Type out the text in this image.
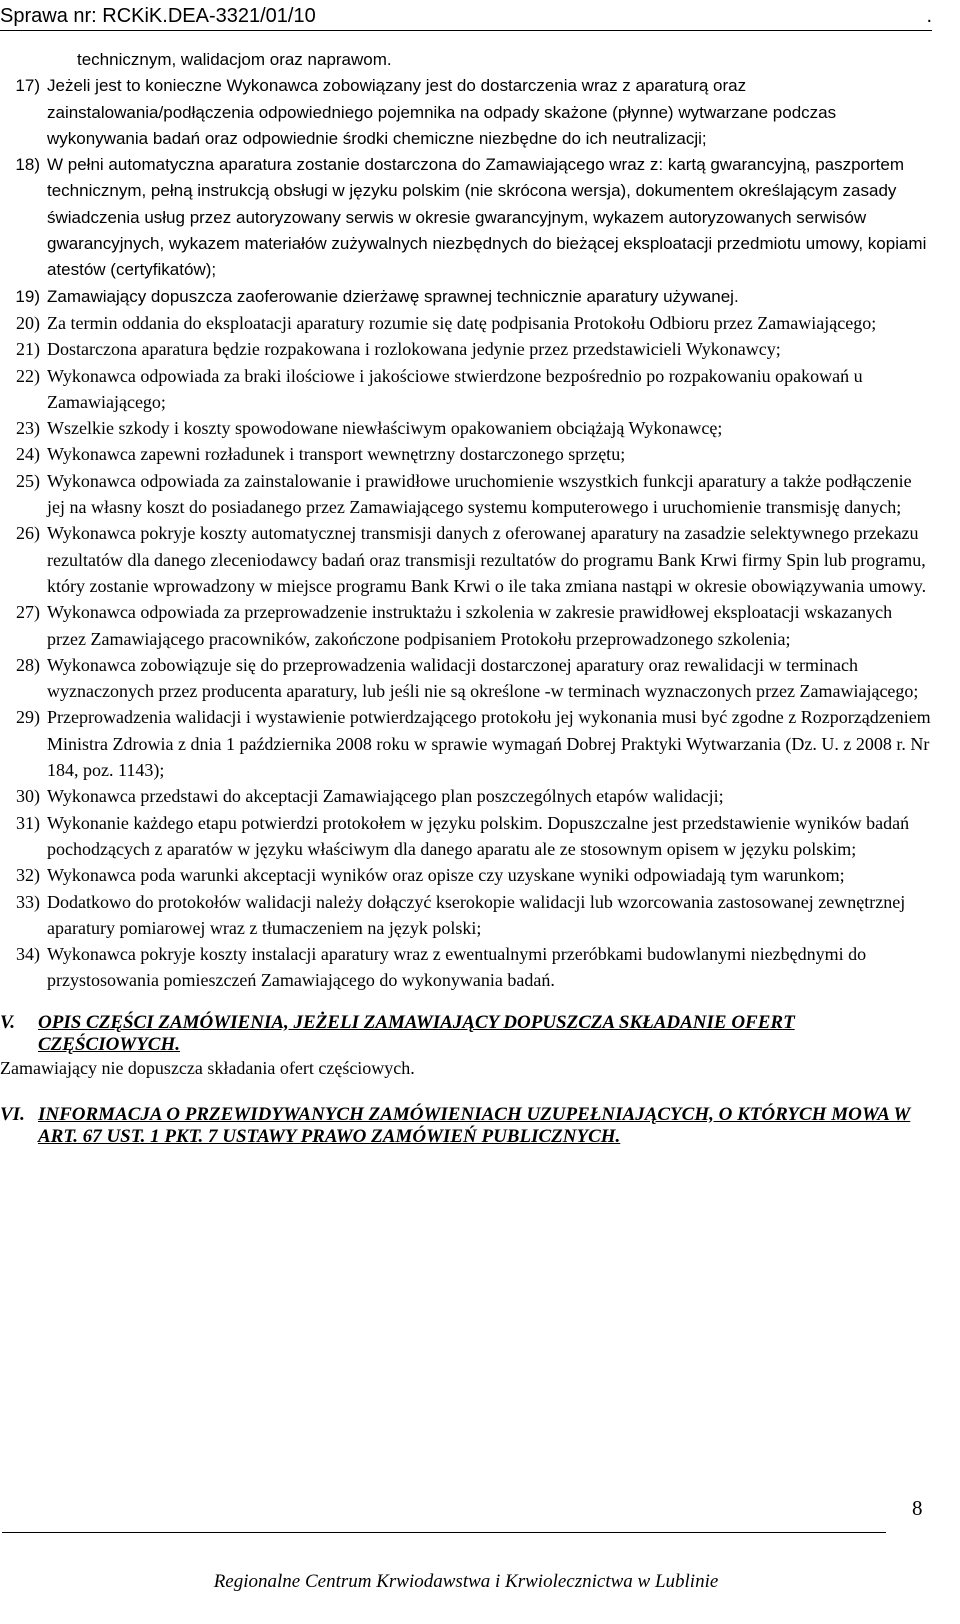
Sprawa nr: RCKiK.DEA-3321/01/10	.

technicznym, walidacjom oraz naprawom.

17) Jeżeli jest to konieczne Wykonawca zobowiązany jest do dostarczenia wraz z aparaturą oraz zainstalowania/podłączenia odpowiedniego pojemnika na odpady skażone (płynne) wytwarzane podczas wykonywania badań oraz odpowiednie środki chemiczne niezbędne do ich neutralizacji;
18) W pełni automatyczna aparatura zostanie dostarczona do Zamawiającego wraz z: kartą gwarancyjną, paszportem technicznym, pełną instrukcją obsługi w języku polskim (nie skrócona wersja), dokumentem określającym zasady świadczenia usług przez autoryzowany serwis w okresie gwarancyjnym, wykazem autoryzowanych serwisów gwarancyjnych, wykazem materiałów zużywalnych niezbędnych do bieżącej eksploatacji przedmiotu umowy, kopiami atestów (certyfikatów);
19) Zamawiający dopuszcza zaoferowanie dzierżawę sprawnej technicznie aparatury używanej.
20) Za termin oddania do eksploatacji aparatury rozumie się datę podpisania Protokołu Odbioru przez Zamawiającego;
21) Dostarczona aparatura będzie rozpakowana i rozlokowana jedynie przez przedstawicieli Wykonawcy;
22) Wykonawca odpowiada za braki ilościowe i jakościowe stwierdzone bezpośrednio po rozpakowaniu opakowań u Zamawiającego;
23) Wszelkie szkody i koszty spowodowane niewłaściwym opakowaniem obciążają Wykonawcę;
24) Wykonawca zapewni rozładunek i transport wewnętrzny dostarczonego sprzętu;
25) Wykonawca odpowiada za zainstalowanie i prawidłowe uruchomienie wszystkich funkcji aparatury a także podłączenie jej na własny koszt do posiadanego przez Zamawiającego systemu komputerowego i uruchomienie transmisję danych;
26) Wykonawca pokryje koszty automatycznej transmisji danych z oferowanej aparatury na zasadzie selektywnego przekazu rezultatów dla danego zleceniodawcy badań oraz transmisji rezultatów do programu Bank Krwi firmy Spin lub programu, który zostanie wprowadzony w miejsce programu Bank Krwi o ile taka zmiana nastąpi w okresie obowiązywania umowy.
27) Wykonawca odpowiada za przeprowadzenie instruktażu i szkolenia w zakresie prawidłowej eksploatacji wskazanych przez Zamawiającego pracowników, zakończone podpisaniem Protokołu przeprowadzonego szkolenia;
28) Wykonawca zobowiązuje się do przeprowadzenia walidacji dostarczonej aparatury oraz rewalidacji w terminach wyznaczonych przez producenta aparatury, lub jeśli nie są określone -w terminach wyznaczonych przez Zamawiającego;
29) Przeprowadzenia walidacji i wystawienie potwierdzającego protokołu jej wykonania musi być zgodne z Rozporządzeniem Ministra Zdrowia z dnia 1 października 2008 roku w sprawie wymagań Dobrej Praktyki Wytwarzania (Dz. U. z 2008 r. Nr 184, poz. 1143);
30) Wykonawca przedstawi do akceptacji Zamawiającego plan poszczególnych etapów walidacji;
31) Wykonanie każdego etapu potwierdzi protokołem w języku polskim. Dopuszczalne jest przedstawienie wyników badań pochodzących z aparatów w języku właściwym dla danego aparatu ale ze stosownym opisem w języku polskim;
32) Wykonawca poda warunki akceptacji wyników oraz opisze czy uzyskane wyniki odpowiadają tym warunkom;
33) Dodatkowo do protokołów walidacji należy dołączyć kserokopie walidacji lub wzorcowania zastosowanej zewnętrznej aparatury pomiarowej wraz z tłumaczeniem na język polski;
34) Wykonawca pokryje koszty instalacji aparatury wraz z ewentualnymi przeróbkami budowlanymi niezbędnymi do przystosowania pomieszczeń Zamawiającego do wykonywania badań.
V.	OPIS CZĘŚCI ZAMÓWIENIA, JEŻELI ZAMAWIAJĄCY DOPUSZCZA SKŁADANIE OFERT CZĘŚCIOWYCH.
Zamawiający nie dopuszcza składania ofert częściowych.
VI. INFORMACJA O PRZEWIDYWANYCH ZAMÓWIENIACH UZUPEŁNIAJĄCYCH, O KTÓRYCH MOWA W ART. 67 UST. 1 PKT. 7 USTAWY PRAWO ZAMÓWIEŃ PUBLICZNYCH.
8
Regionalne Centrum Krwiodawstwa i Krwiolecznictwa w Lublinie
